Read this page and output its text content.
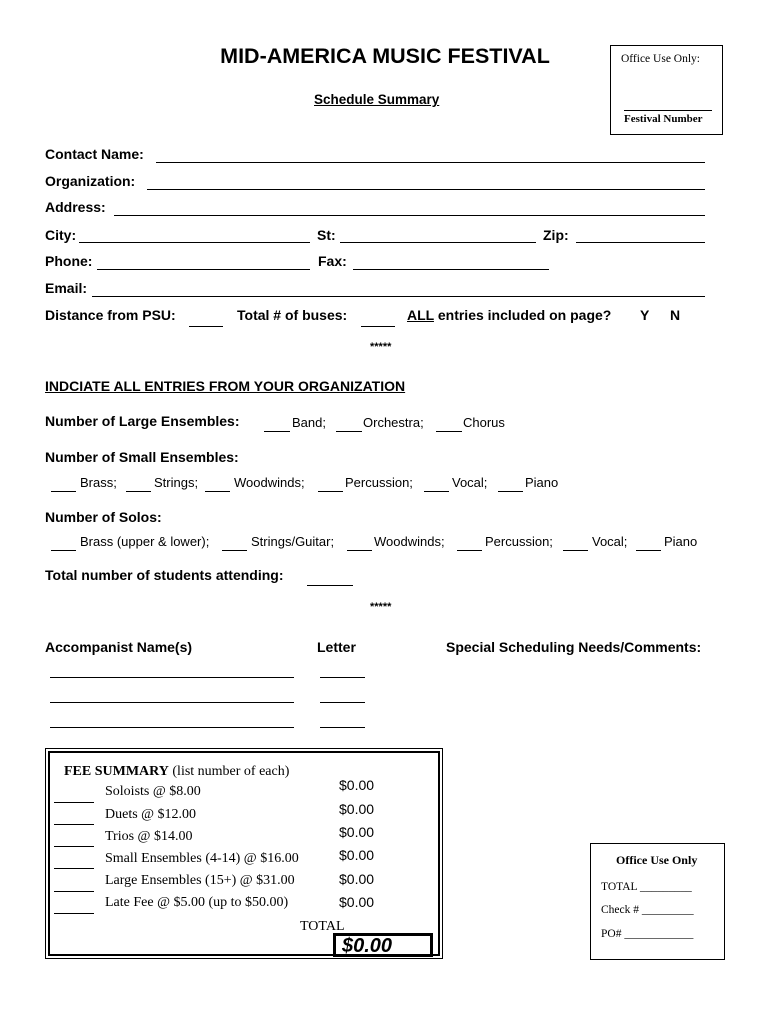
MID-AMERICA MUSIC FESTIVAL
Schedule Summary
Office Use Only:
Festival Number
Contact Name:
Organization:
Address:
City:	St:	Zip:
Phone:	Fax:
Email:
Distance from PSU:	Total # of buses:	ALL entries included on page? Y N
*****
INDCIATE ALL ENTRIES FROM YOUR ORGANIZATION
Number of Large Ensembles:	Band;	Orchestra;	Chorus
Number of Small Ensembles:
Brass;	Strings;	Woodwinds;	Percussion;	Vocal;	Piano
Number of Solos:
Brass (upper & lower);	Strings/Guitar;	Woodwinds;	Percussion;	Vocal;	Piano
Total number of students attending:
*****
Accompanist Name(s)	Letter	Special Scheduling Needs/Comments:
FEE SUMMARY (list number of each)
Soloists @ $8.00	$0.00
Duets @ $12.00	$0.00
Trios @ $14.00	$0.00
Small Ensembles (4-14) @ $16.00	$0.00
Large Ensembles (15+) @ $31.00	$0.00
Late Fee @ $5.00 (up to $50.00)	$0.00
TOTAL
$0.00
Office Use Only
TOTAL _________
Check # _________
PO# ____________
